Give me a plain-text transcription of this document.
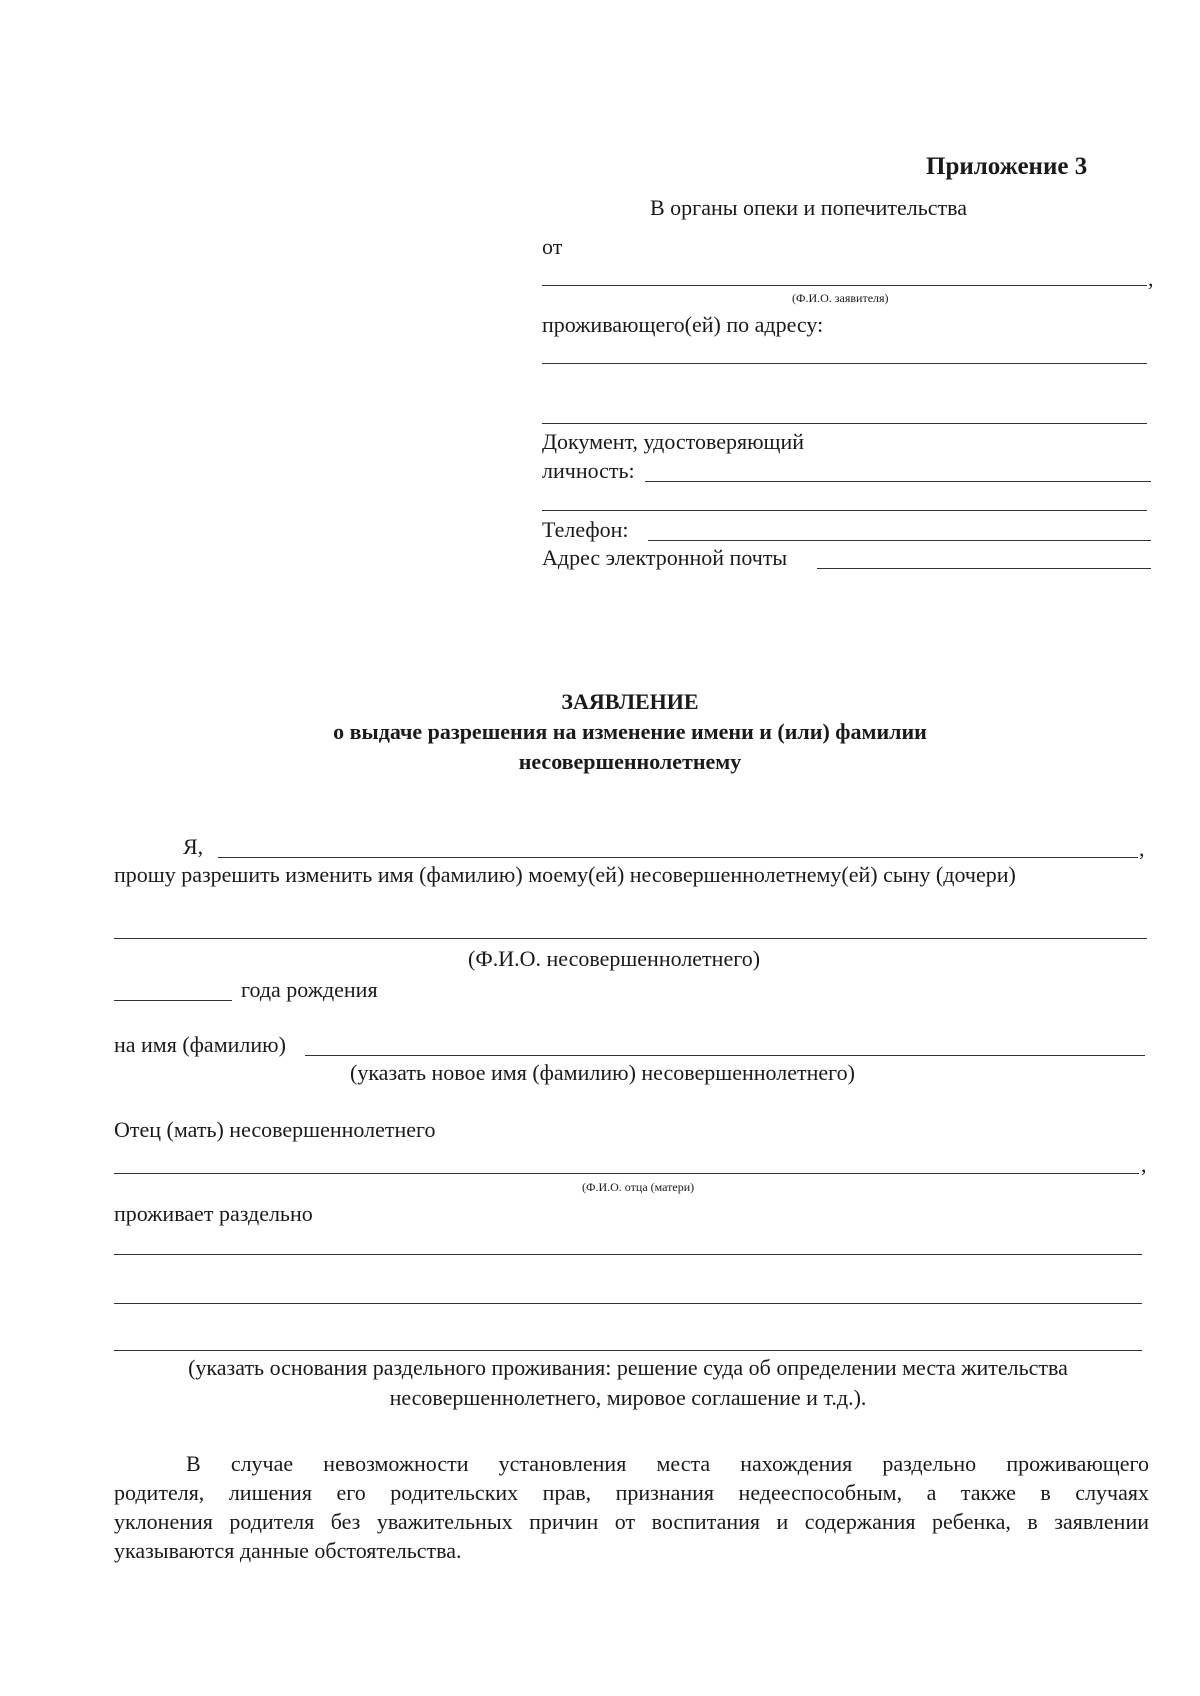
Приложение 3
В органы опеки и попечительства
от
,
(Ф.И.О. заявителя)
проживающего(ей) по адресу:
Документ, удостоверяющий
личность:
Телефон:
Адрес электронной почты
ЗАЯВЛЕНИЕ
о выдаче разрешения на изменение имени и (или) фамилии
несовершеннолетнему
Я,	,
прошу разрешить изменить имя (фамилию) моему(ей) несовершеннолетнему(ей) сыну (дочери)
(Ф.И.О. несовершеннолетнего)
года рождения
на имя (фамилию)
(указать новое имя (фамилию) несовершеннолетнего)
Отец (мать) несовершеннолетнего
,
(Ф.И.О. отца (матери)
проживает раздельно
(указать основания раздельного проживания: решение суда об определении места жительства
несовершеннолетнего, мировое соглашение и т.д.).
В случае невозможности установления места нахождения раздельно проживающего
родителя, лишения его родительских прав, признания недееспособным, а также в случаях
уклонения родителя без уважительных причин от воспитания и содержания ребенка, в заявлении
указываются данные обстоятельства.
